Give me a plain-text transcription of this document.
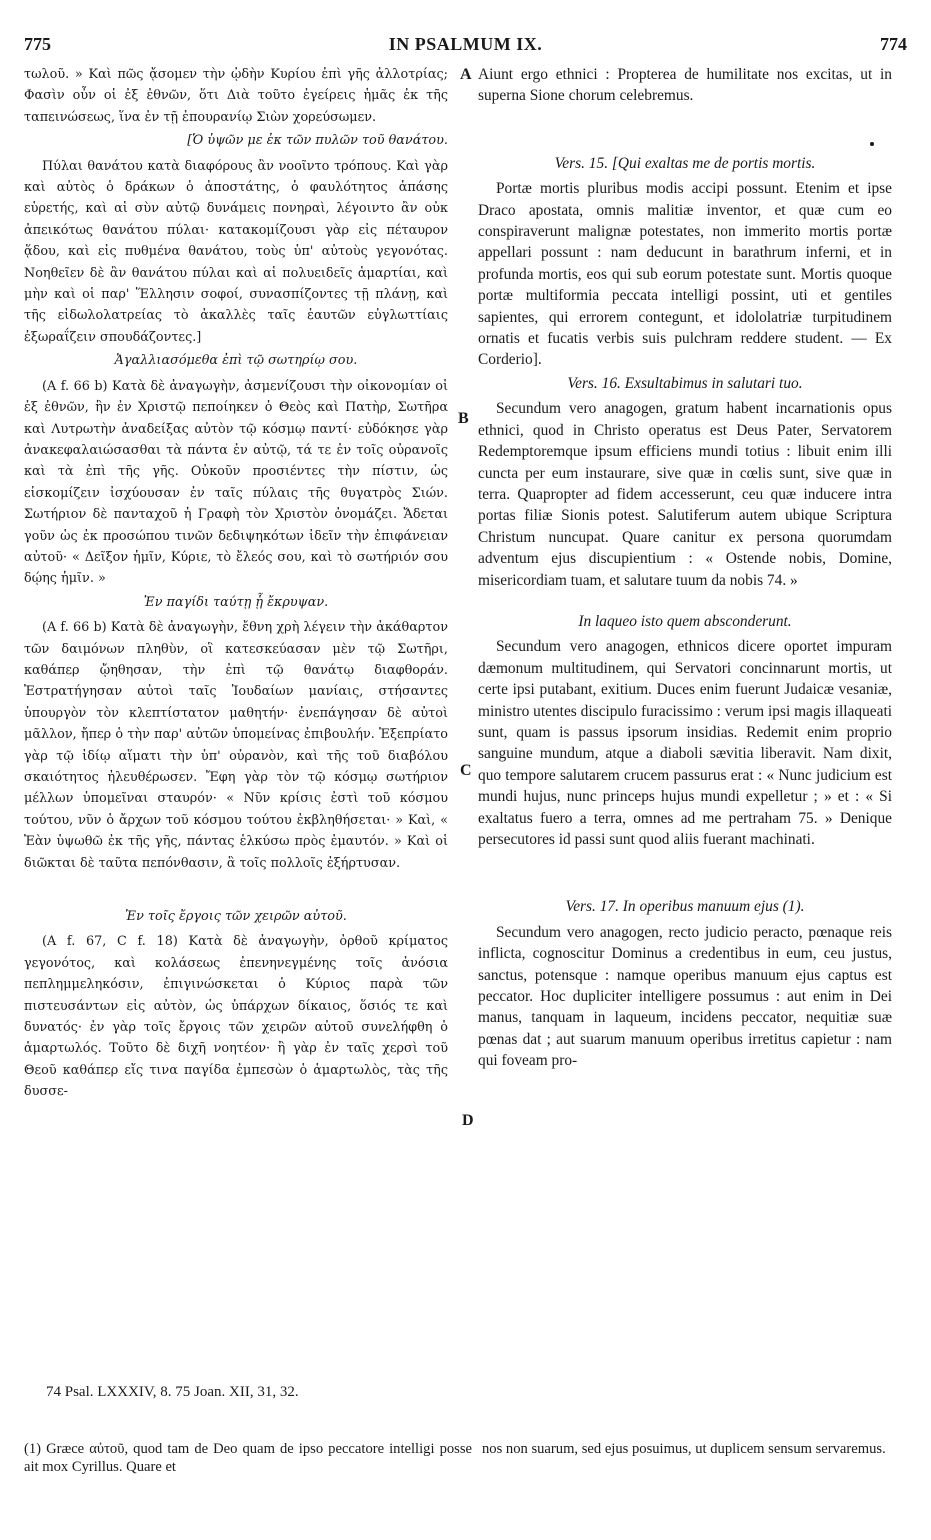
775	IN PSALMUM IX.	774

τωλοῦ. » Καὶ πῶς ᾄσομεν τὴν ᾠδὴν Κυρίου ἐπὶ γῆς ἀλλοτρίας; Φασὶν οὖν οἱ ἐξ ἐθνῶν, ὅτι Διὰ τοῦτο ἐγείρεις ἡμᾶς ἐκ τῆς ταπεινώσεως, ἵνα ἐν τῇ ἐπουρανίῳ Σιὼν χορεύσωμεν.

[Ὁ ὑψῶν με ἐκ τῶν πυλῶν τοῦ θανάτου.

Πύλαι θανάτου κατὰ διαφόρους ἂν νοοῖντο τρόπους. Καὶ γὰρ καὶ αὐτὸς ὁ δράκων ὁ ἀποστάτης, ὁ φαυλότητος ἁπάσης εὑρετής, καὶ αἱ σὺν αὐτῷ δυνάμεις πονηραὶ, λέγοιντο ἂν οὐκ ἀπεικότως θανάτου πύλαι· κατακομίζουσι γὰρ εἰς πέταυρον ᾅδου, καὶ εἰς πυθμένα θανάτου, τοὺς ὑπ' αὐτοὺς γεγονότας. Νοηθεῖεν δὲ ἂν θανάτου πύλαι καὶ αἱ πολυειδεῖς ἁμαρτίαι, καὶ μὴν καὶ οἱ παρ' Ἕλλησιν σοφοί, συνασπίζοντες τῇ πλάνῃ, καὶ τῆς εἰδωλολατρείας τὸ ἀκαλλὲς ταῖς ἑαυτῶν εὐγλωττίαις ἐξωραΐζειν σπουδάζοντες.]

Ἀγαλλιασόμεθα ἐπὶ τῷ σωτηρίῳ σου.

(A f. 66 b) Κατὰ δὲ ἀναγωγὴν, ἀσμενίζουσι τὴν οἰκονομίαν οἱ ἐξ ἐθνῶν, ἣν ἐν Χριστῷ πεποίηκεν ὁ Θεὸς καὶ Πατὴρ, Σωτῆρα καὶ Λυτρωτὴν ἀναδείξας αὐτὸν τῷ κόσμῳ παντί· εὐδόκησε γὰρ ἀνακεφαλαιώσασθαι τὰ πάντα ἐν αὐτῷ, τά τε ἐν τοῖς οὐρανοῖς καὶ τὰ ἐπὶ τῆς γῆς. Οὐκοῦν προσιέντες τὴν πίστιν, ὡς εἰσκομίζειν ἰσχύουσαν ἐν ταῖς πύλαις τῆς θυγατρὸς Σιών. Σωτήριον δὲ πανταχοῦ ἡ Γραφὴ τὸν Χριστὸν ὀνομάζει. Ἄδεται γοῦν ὡς ἐκ προσώπου τινῶν δεδιψηκότων ἰδεῖν τὴν ἐπιφάνειαν αὐτοῦ· « Δεῖξον ἡμῖν, Κύριε, τὸ ἔλεός σου, καὶ τὸ σωτήριόν σου δῴης ἡμῖν. »

Ἐν παγίδι ταύτῃ ᾗ ἔκρυψαν.

(A f. 66 b) Κατὰ δὲ ἀναγωγὴν, ἔθνη χρὴ λέγειν τὴν ἀκάθαρτον τῶν δαιμόνων πληθὺν, οἳ κατεσκεύασαν μὲν τῷ Σωτῆρι, καθάπερ ᾤηθησαν, τὴν ἐπὶ τῷ θανάτῳ διαφθοράν. Ἐστρατήγησαν αὐτοὶ ταῖς Ἰουδαίων μανίαις, στήσαντες ὑπουργὸν τὸν κλεπτίστατον μαθητήν· ἐνεπάγησαν δὲ αὐτοὶ μᾶλλον, ἤπερ ὁ τὴν παρ' αὐτῶν ὑπομείνας ἐπιβουλήν. Ἐξεπρίατο γὰρ τῷ ἰδίῳ αἵματι τὴν ὑπ' οὐρανὸν, καὶ τῆς τοῦ διαβόλου σκαιότητος ἠλευθέρωσεν. Ἔφη γὰρ τὸν τῷ κόσμῳ σωτήριον μέλλων ὑπομεῖναι σταυρόν· « Νῦν κρίσις ἐστὶ τοῦ κόσμου τούτου, νῦν ὁ ἄρχων τοῦ κόσμου τούτου ἐκβληθήσεται· » Καὶ, « Ἐὰν ὑψωθῶ ἐκ τῆς γῆς, πάντας ἑλκύσω πρὸς ἐμαυτόν. » Καὶ οἱ διῶκται δὲ ταῦτα πεπόνθασιν, ἃ τοῖς πολλοῖς ἐξήρτυσαν.

Ἐν τοῖς ἔργοις τῶν χειρῶν αὐτοῦ.

(A f. 67, C f. 18) Κατὰ δὲ ἀναγωγὴν, ὀρθοῦ κρίματος γεγονότος, καὶ κολάσεως ἐπενηνεγμένης τοῖς ἀνόσια πεπλημμεληκόσιν, ἐπιγινώσκεται ὁ Κύριος παρὰ τῶν πιστευσάντων εἰς αὐτὸν, ὡς ὑπάρχων δίκαιος, ὅσιός τε καὶ δυνατός· ἐν γὰρ τοῖς ἔργοις τῶν χειρῶν αὐτοῦ συνελήφθη ὁ ἁμαρτωλός. Τοῦτο δὲ διχῆ νοητέον· ἢ γὰρ ἐν ταῖς χερσὶ τοῦ Θεοῦ καθάπερ εἴς τινα παγίδα ἐμπεσὼν ὁ ἁμαρτωλὸς, τὰς τῆς δυσσε-

Aiunt ergo ethnici : Propterea de humilitate nos excitas, ut in superna Sione chorum celebremus.

Vers. 15. [Qui exaltas me de portis mortis.

Portæ mortis pluribus modis accipi possunt. Etenim et ipse Draco apostata, omnis malitiæ inventor, et quæ cum eo conspiraverunt malignæ potestates, non immerito mortis portæ appellari possunt : nam deducunt in barathrum inferni, et in profunda mortis, eos qui sub eorum potestate sunt. Mortis quoque portæ multiformia peccata intelligi possint, uti et gentiles sapientes, qui errorem contegunt, et idololatriæ turpitudinem ornatis et fucatis verbis suis pulchram reddere student. — Ex Corderio].

Vers. 16. Exsultabimus in salutari tuo.

Secundum vero anagogen, gratum habent incarnationis opus ethnici, quod in Christo operatus est Deus Pater, Servatorem Redemptoremque ipsum efficiens mundi totius : libuit enim illi cuncta per eum instaurare, sive quæ in cœlis sunt, sive quæ in terra. Quapropter ad fidem accesserunt, ceu quæ inducere intra portas filiæ Sionis potest. Salutiferum autem ubique Scriptura Christum nuncupat. Quare canitur ex persona quorumdam adventum ejus discupientium : « Ostende nobis, Domine, misericordiam tuam, et salutare tuum da nobis 74. »

In laqueo isto quem absconderunt.

Secundum vero anagogen, ethnicos dicere oportet impuram dæmonum multitudinem, qui Servatori concinnarunt mortis, ut certe ipsi putabant, exitium. Duces enim fuerunt Judaicæ vesaniæ, ministro utentes discipulo furacissimo : verum ipsi magis illaqueati sunt, quam is passus ipsorum insidias. Redemit enim proprio sanguine mundum, atque a diaboli sævitia liberavit. Nam dixit, quo tempore salutarem crucem passurus erat : « Nunc judicium est mundi hujus, nunc princeps hujus mundi expelletur ; » et : « Si exaltatus fuero a terra, omnes ad me pertraham 75. » Denique persecutores id passi sunt quod aliis fuerant machinati.

Vers. 17. In operibus manuum ejus (1).

Secundum vero anagogen, recto judicio peracto, pœnaque reis inflicta, cognoscitur Dominus a credentibus in eum, ceu justus, sanctus, potensque : namque operibus manuum ejus captus est peccator. Hoc dupliciter intelligere possumus : aut enim in Dei manus, tanquam in laqueum, incidens peccator, nequitiæ suæ pœnas dat ; aut suarum manuum operibus irretitus capietur : nam qui foveam pro-

A
B
C
D
74 Psal. LXXXIV, 8. 75 Joan. XII, 31, 32.
(1) Græce αὐτοῦ, quod tam de Deo quam de ipso peccatore intelligi posse ait mox Cyrillus. Quare et
nos non suarum, sed ejus posuimus, ut duplicem sensum servaremus.
